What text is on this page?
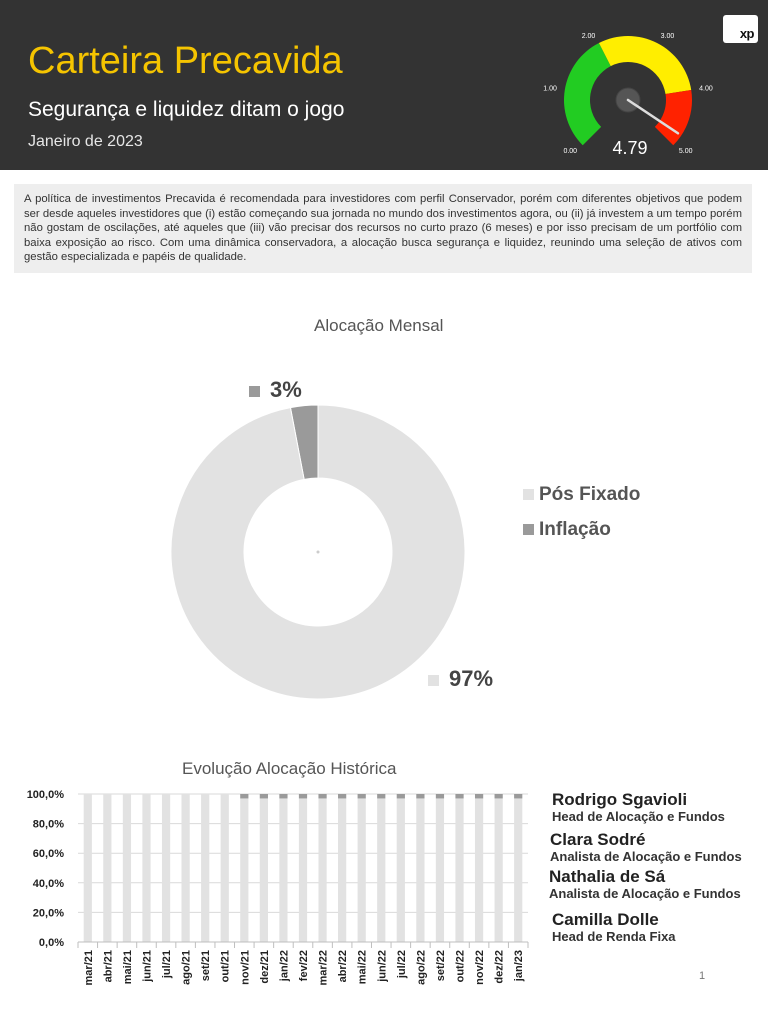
Carteira Precavida
Segurança e liquidez ditam o jogo
Janeiro de 2023
0.00
1.00
2.00	3.00
4.00
5.00
4.79
xp
A política de investimentos Precavida é recomendada para investidores com perfil Conservador, porém com diferentes objetivos que podem ser desde aqueles investidores que (i) estão começando sua jornada no mundo dos investimentos agora, ou (ii) já investem a um tempo porém não gostam de oscilações, até aqueles que (iii) vão precisar dos recursos no curto prazo (6 meses) e por isso precisam de um portfólio com baixa exposição ao risco. Com uma dinâmica conservadora, a alocação busca segurança e liquidez, reunindo uma seleção de ativos com gestão especializada e papéis de qualidade.
Alocação Mensal
3%
97%
Pós Fixado
Inflação
Evolução Alocação Histórica
0,0%
20,0%
40,0%
60,0%
80,0%
100,0%
mar/21 abr/21 mai/21 jun/21 jul/21 ago/21 set/21 out/21 nov/21 dez/21 jan/22 fev/22 mar/22 abr/22 mai/22 jun/22 jul/22 ago/22 set/22 out/22 nov/22 dez/22 jan/23
Rodrigo Sgavioli
Head de Alocação e Fundos
Clara Sodré
Analista de Alocação e Fundos
Nathalia de Sá
Analista de Alocação e Fundos
Camilla Dolle
Head de Renda Fixa
1
